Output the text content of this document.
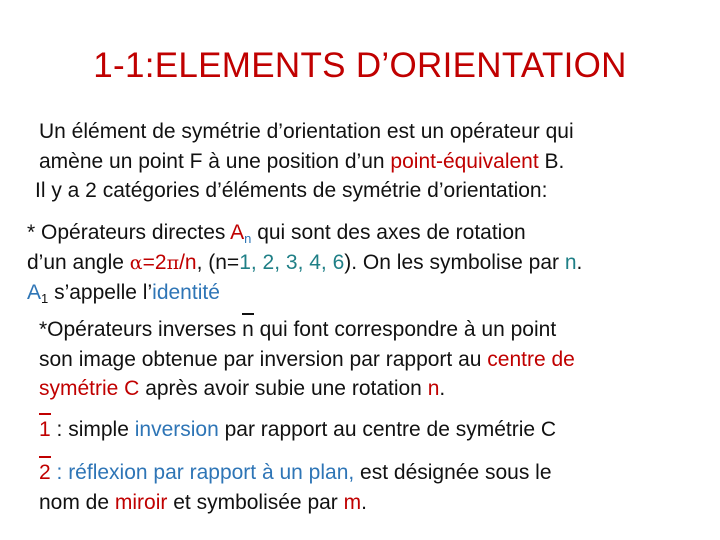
1-1:ELEMENTS D’ORIENTATION
Un élément de symétrie d’orientation est un opérateur qui
amène un point F à une position d’un point-équivalent B.
Il y a 2 catégories d’éléments de symétrie d’orientation:
* Opérateurs directes $A_n$ qui sont des axes de rotation
d’un angle α=2π/n, (n=1, 2, 3, 4, 6). On les symbolise par n.
$A_1$ s’appelle l’identité
*Opérateurs inverses
n qui font correspondre à un point
son image obtenue par inversion par rapport au centre de
symétrie C après avoir subie une rotation n.
1 : simple inversion par rapport au centre de symétrie C
2 : réflexion par rapport à un plan, est désignée sous le
nom de miroir et symbolisée par m.
